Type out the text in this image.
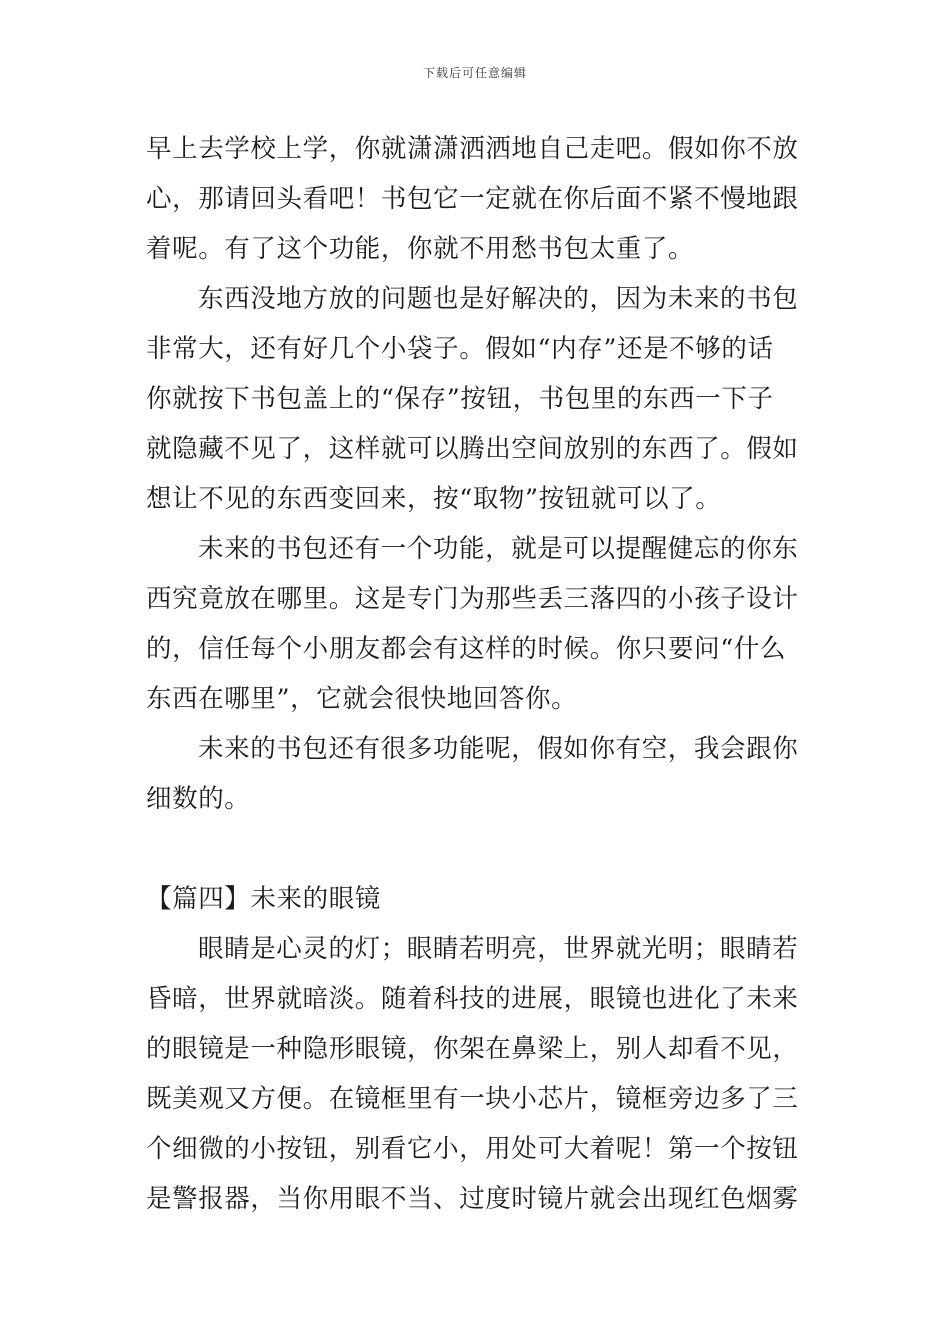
下载后可任意编辑
早上去学校上学，你就潇潇洒洒地自己走吧。假如你不放
心，那请回头看吧！书包它一定就在你后面不紧不慢地跟
着呢。有了这个功能，你就不用愁书包太重了。
东西没地方放的问题也是好解决的，因为未来的书包
非常大，还有好几个小袋子。假如“内存”还是不够的话
你就按下书包盖上的“保存”按钮，书包里的东西一下子
就隐藏不见了，这样就可以腾出空间放别的东西了。假如
想让不见的东西变回来，按“取物”按钮就可以了。
未来的书包还有一个功能，就是可以提醒健忘的你东
西究竟放在哪里。这是专门为那些丢三落四的小孩子设计
的，信任每个小朋友都会有这样的时候。你只要问“什么
东西在哪里”，它就会很快地回答你。
未来的书包还有很多功能呢，假如你有空，我会跟你
细数的。
【篇四】未来的眼镜
眼睛是心灵的灯；眼睛若明亮，世界就光明；眼睛若
昏暗，世界就暗淡。随着科技的进展，眼镜也进化了未来
的眼镜是一种隐形眼镜，你架在鼻梁上，别人却看不见，
既美观又方便。在镜框里有一块小芯片，镜框旁边多了三
个细微的小按钮，别看它小，用处可大着呢！第一个按钮
是警报器，当你用眼不当、过度时镜片就会出现红色烟雾
